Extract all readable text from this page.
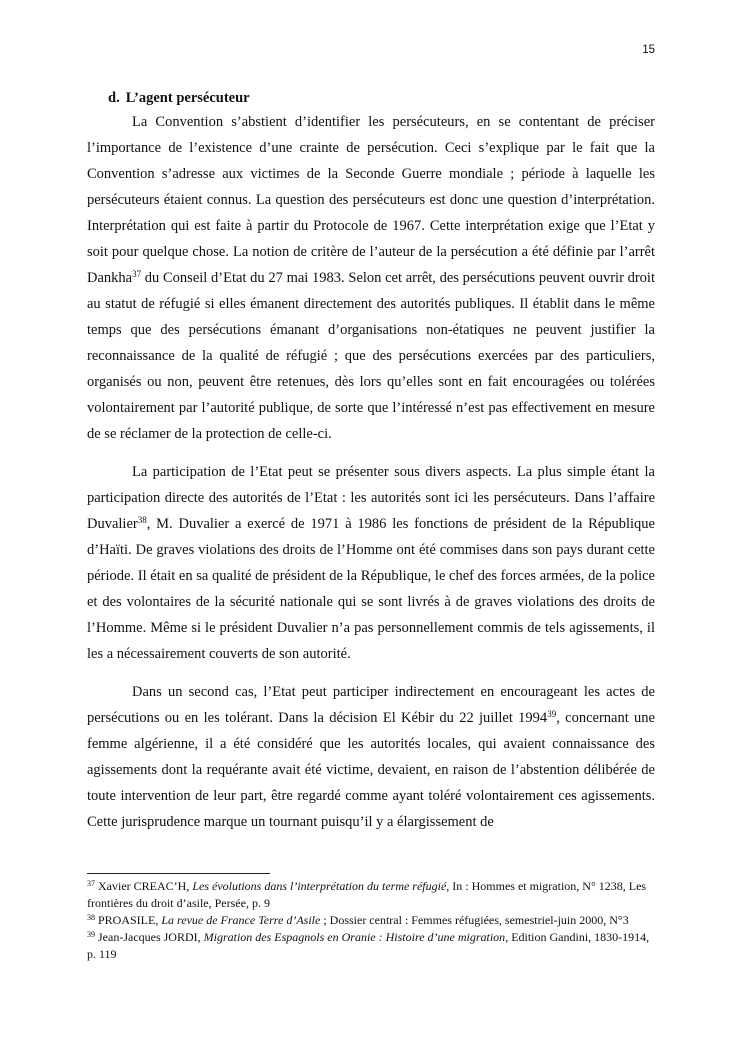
15
d. L’agent persécuteur

La Convention s’abstient d’identifier les persécuteurs, en se contentant de préciser l’importance de l’existence d’une crainte de persécution. Ceci s’explique par le fait que la Convention s’adresse aux victimes de la Seconde Guerre mondiale ; période à laquelle les persécuteurs étaient connus. La question des persécuteurs est donc une question d’interprétation. Interprétation qui est faite à partir du Protocole de 1967. Cette interprétation exige que l’Etat y soit pour quelque chose. La notion de critère de l’auteur de la persécution a été définie par l’arrêt Dankha$^{37}$ du Conseil d’Etat du 27 mai 1983. Selon cet arrêt, des persécutions peuvent ouvrir droit au statut de réfugié si elles émanent directement des autorités publiques. Il établit dans le même temps que des persécutions émanant d’organisations non-étatiques ne peuvent justifier la reconnaissance de la qualité de réfugié ; que des persécutions exercées par des particuliers, organisés ou non, peuvent être retenues, dès lors qu’elles sont en fait encouragées ou tolérées volontairement par l’autorité publique, de sorte que l’intéressé n’est pas effectivement en mesure de se réclamer de la protection de celle-ci.

La participation de l’Etat peut se présenter sous divers aspects. La plus simple étant la participation directe des autorités de l’Etat : les autorités sont ici les persécuteurs. Dans l’affaire Duvalier$^{38}$, M. Duvalier a exercé de 1971 à 1986 les fonctions de président de la République d’Haïti. De graves violations des droits de l’Homme ont été commises dans son pays durant cette période. Il était en sa qualité de président de la République, le chef des forces armées, de la police et des volontaires de la sécurité nationale qui se sont livrés à de graves violations des droits de l’Homme. Même si le président Duvalier n’a pas personnellement commis de tels agissements, il les a nécessairement couverts de son autorité.

Dans un second cas, l’Etat peut participer indirectement en encourageant les actes de persécutions ou en les tolérant. Dans la décision El Kébir du 22 juillet 1994$^{39}$, concernant une femme algérienne, il a été considéré que les autorités locales, qui avaient connaissance des agissements dont la requérante avait été victime, devaient, en raison de l’abstention délibérée de toute intervention de leur part, être regardé comme ayant toléré volontairement ces agissements. Cette jurisprudence marque un tournant puisqu’il y a élargissement de

$^{37}$ Xavier CREAC’H, Les évolutions dans l’interprétation du terme réfugié, In : Hommes et migration, N° 1238, Les frontières du droit d’asile, Persée, p. 9

$^{38}$ PROASILE, La revue de France Terre d’Asile ; Dossier central : Femmes réfugiées, semestriel-juin 2000, N°3

$^{39}$ Jean-Jacques JORDI, Migration des Espagnols en Oranie : Histoire d’une migration, Edition Gandini, 1830-1914, p. 119
